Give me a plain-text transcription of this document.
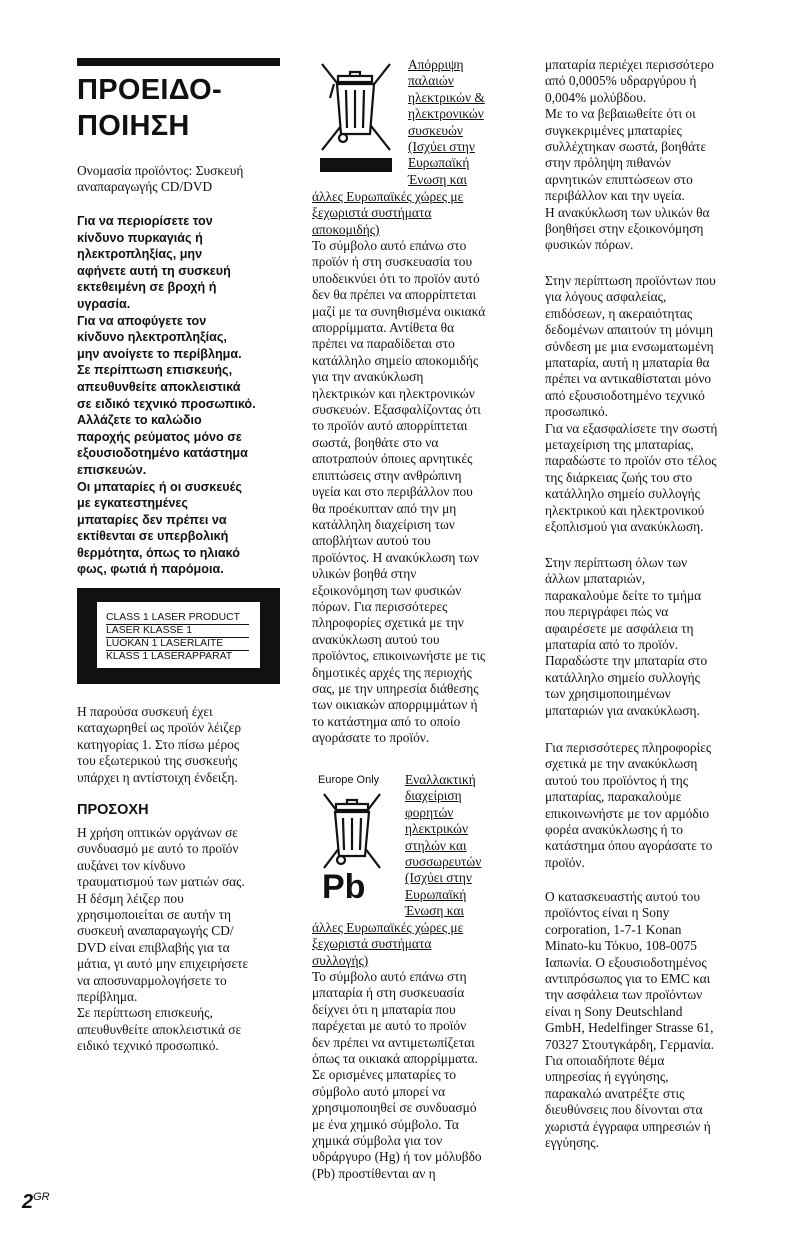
ΠΡΟΕΙΔΟ-
ΠΟΙΗΣΗ
Ονομασία προϊόντος: Συσκευή αναπαραγωγής CD/DVD
Για να περιορίσετε τον
κίνδυνο πυρκαγιάς ή
ηλεκτροπληξίας, μην
αφήνετε αυτή τη συσκευή
εκτεθειμένη σε βροχή ή
υγρασία.
Για να αποφύγετε τον
κίνδυνο ηλεκτροπληξίας,
μην ανοίγετε το περίβλημα.
Σε περίπτωση επισκευής,
απευθυνθείτε αποκλειστικά
σε ειδικό τεχνικό προσωπικό.
Αλλάζετε το καλώδιο
παροχής ρεύματος μόνο σε
εξουσιοδοτημένο κατάστημα
επισκευών.
Οι μπαταρίες ή οι συσκευές
με εγκατεστημένες
μπαταρίες δεν πρέπει να
εκτίθενται σε υπερβολική
θερμότητα, όπως το ηλιακό
φως, φωτιά ή παρόμοια.
CLASS 1 LASER PRODUCT
LASER KLASSE 1
LUOKAN 1 LASERLAITE
KLASS 1 LASERAPPARAT
Η παρούσα συσκευή έχει
καταχωρηθεί ως προϊόν λέιζερ
κατηγορίας 1. Στο πίσω μέρος
του εξωτερικού της συσκευής
υπάρχει η αντίστοιχη ένδειξη.
ΠΡΟΣΟΧΗ
Η χρήση οπτικών οργάνων σε
συνδυασμό με αυτό το προϊόν
αυξάνει τον κίνδυνο
τραυματισμού των ματιών σας.
Η δέσμη λέιζερ που
χρησιμοποιείται σε αυτήν τη
συσκευή αναπαραγωγής CD/
DVD είναι επιβλαβής για τα
μάτια, γι αυτό μην επιχειρήσετε
να αποσυναρμολογήσετε το
περίβλημα.
Σε περίπτωση επισκευής,
απευθυνθείτε αποκλειστικά σε
ειδικό τεχνικό προσωπικό.
Απόρριψη
παλαιών
ηλεκτρικών &
ηλεκτρονικών
συσκευών
(Ισχύει στην
Ευρωπαϊκή
Ένωση και
άλλες Ευρωπαϊκές χώρες με
ξεχωριστά συστήματα
αποκομιδής)
Το σύμβολο αυτό επάνω στο
προϊόν ή στη συσκευασία του
υποδεικνύει ότι το προϊόν αυτό
δεν θα πρέπει να απορρίπτεται
μαζί με τα συνηθισμένα οικιακά
απορρίμματα. Αντίθετα θα
πρέπει να παραδίδεται στο
κατάλληλο σημείο αποκομιδής
για την ανακύκλωση
ηλεκτρικών και ηλεκτρονικών
συσκευών. Εξασφαλίζοντας ότι
το προϊόν αυτό απορρίπτεται
σωστά, βοηθάτε στο να
αποτραπούν όποιες αρνητικές
επιπτώσεις στην ανθρώπινη
υγεία και στο περιβάλλον που
θα προέκυπταν από την μη
κατάλληλη διαχείριση των
αποβλήτων αυτού του
προϊόντος. Η ανακύκλωση των
υλικών βοηθά στην
εξοικονόμηση των φυσικών
πόρων. Για περισσότερες
πληροφορίες σχετικά με την
ανακύκλωση αυτού του
προϊόντος, επικοινωνήστε με τις
δημοτικές αρχές της περιοχής
σας, με την υπηρεσία διάθεσης
των οικιακών απορριμμάτων ή
το κατάστημα από το οποίο
αγοράσατε το προϊόν.
Europe Only
Pb
Εναλλακτική
διαχείριση
φορητών
ηλεκτρικών
στηλών και
συσσωρευτών
(Ισχύει στην
Ευρωπαϊκή
Ένωση και
άλλες Ευρωπαϊκές χώρες με
ξεχωριστά συστήματα
συλλογής)
Το σύμβολο αυτό επάνω στη
μπαταρία ή στη συσκευασία
δείχνει ότι η μπαταρία που
παρέχεται με αυτό το προϊόν
δεν πρέπει να αντιμετωπίζεται
όπως τα οικιακά απορρίμματα.
Σε ορισμένες μπαταρίες το
σύμβολο αυτό μπορεί να
χρησιμοποιηθεί σε συνδυασμό
με ένα χημικό σύμβολο. Τα
χημικά σύμβολα για τον
υδράργυρο (Hg) ή τον μόλυβδο
(Pb) προστίθενται αν η
μπαταρία περιέχει περισσότερο
από 0,0005% υδραργύρου ή
0,004% μολύβδου.
Με το να βεβαιωθείτε ότι οι
συγκεκριμένες μπαταρίες
συλλέχτηκαν σωστά, βοηθάτε
στην πρόληψη πιθανών
αρνητικών επιπτώσεων στο
περιβάλλον και την υγεία.
Η ανακύκλωση των υλικών θα
βοηθήσει στην εξοικονόμηση
φυσικών πόρων.
Στην περίπτωση προϊόντων που
για λόγους ασφαλείας,
επιδόσεων, η ακεραιότητας
δεδομένων απαιτούν τη μόνιμη
σύνδεση με μια ενσωματωμένη
μπαταρία, αυτή η μπαταρία θα
πρέπει να αντικαθίσταται μόνο
από εξουσιοδοτημένο τεχνικό
προσωπικό.
Για να εξασφαλίσετε την σωστή
μεταχείριση της μπαταρίας,
παραδώστε το προϊόν στο τέλος
της διάρκειας ζωής του στο
κατάλληλο σημείο συλλογής
ηλεκτρικού και ηλεκτρονικού
εξοπλισμού για ανακύκλωση.
Στην περίπτωση όλων των
άλλων μπαταριών,
παρακαλούμε δείτε το τμήμα
που περιγράφει πώς να
αφαιρέσετε με ασφάλεια τη
μπαταρία από το προϊόν.
Παραδώστε την μπαταρία στο
κατάλληλο σημείο συλλογής
των χρησιμοποιημένων
μπαταριών για ανακύκλωση.
Για περισσότερες πληροφορίες
σχετικά με την ανακύκλωση
αυτού του προϊόντος ή της
μπαταρίας, παρακαλούμε
επικοινωνήστε με τον αρμόδιο
φορέα ανακύκλωσης ή το
κατάστημα όπου αγοράσατε το
προϊόν.
Ο κατασκευαστής αυτού του
προϊόντος είναι η Sony
corporation, 1-7-1 Konan
Minato-ku Τόκυο, 108-0075
Ιαπωνία. Ο εξουσιοδοτημένος
αντιπρόσωπος για το EMC και
την ασφάλεια των προϊόντων
είναι η Sony Deutschland
GmbH, Hedelfinger Strasse 61,
70327 Στουτγκάρδη, Γερμανία.
Για οποιαδήποτε θέμα
υπηρεσίας ή εγγύησης,
παρακαλώ ανατρέξτε στις
διευθύνσεις που δίνονται στα
χωριστά έγγραφα υπηρεσιών ή
εγγύησης.
$2^{GR}$
